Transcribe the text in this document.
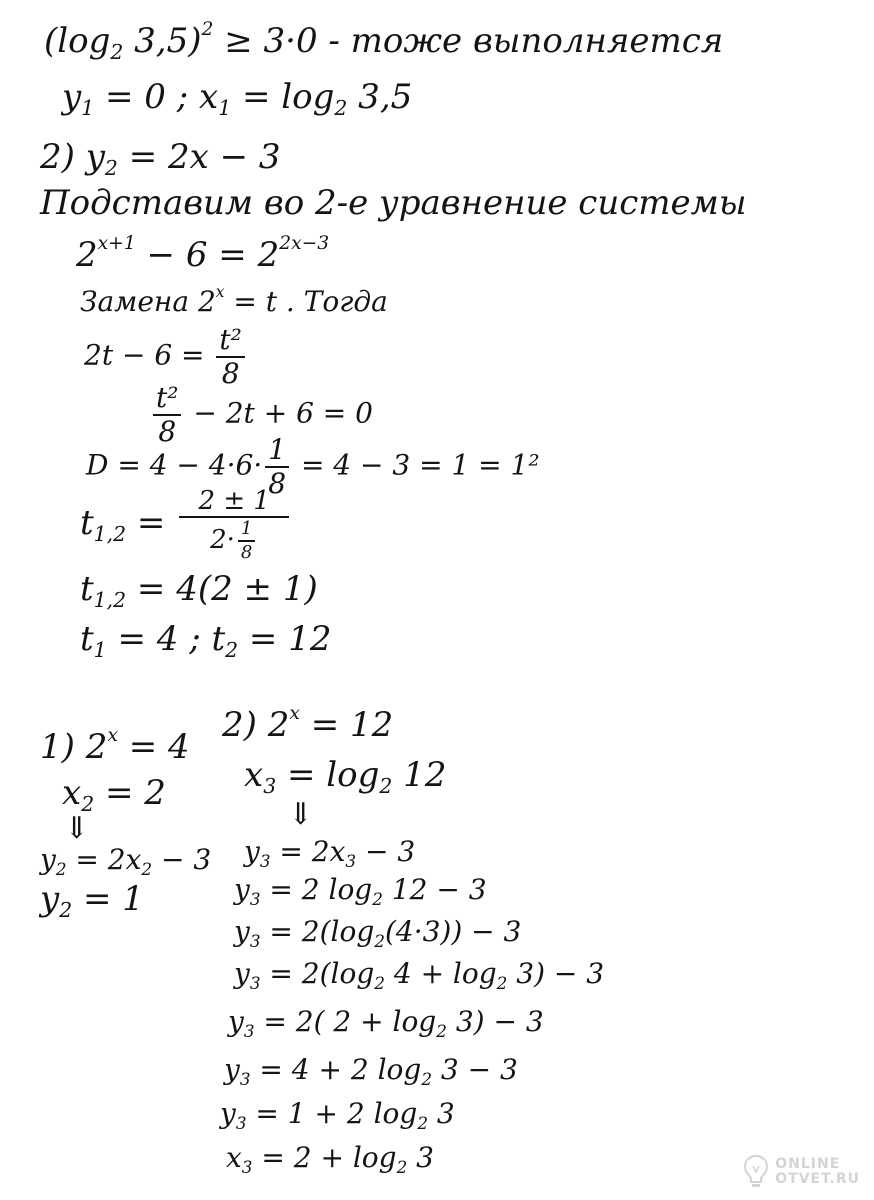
($\log_2$ 3,5)$^2$ ≥ 3·0 - тоже выполняется
$y_1 = 0$ ; $x_1 = \log_2 3,5$
2) $y_2 = 2x - 3$
Подставим во 2-е уравнение системы
$2^{x+1} - 6 = 2^{2x-3}$
Замена $2^x = t$ . Тогда
$2t - 6 = \frac{\text{t²}}{8}$
$\frac{\text{t²}}{8} - 2t + 6 = 0$
$D = 4 - 4\cdot 6\cdot \frac{1}{8} = 4 - 3 = 1 = 1^2$
$t_{1,2} = \frac{2 \pm 1}{2\cdot \frac{1}{8}}$
$t_{1,2} = 4(2 \pm 1)$
$t_1 = 4$ ; $t_2 = 12$
1) $2^x = 4$
$x_2 = 2$
⇓
$y_2 = 2x_2 - 3$
$y_2 = 1$
2) $2^x = 12$
$x_3 = \log_2 12$
⇓
$y_3 = 2x_3 - 3$
$y_3 = 2$ $\log_2 12 - 3$
$y_3 = 2(\log_2(4\cdot 3)) - 3$
$y_3 = 2(\log_2$ $4 + \log_2 3) - 3$
$y_3 = 2$( $2 + \log_2 3) - 3$
$y_3 = 4 + 2$ $\log_2 3 - 3$
$y_3 = 1 + 2$ $\log_2 3$
$x_3 = 2 + \log_2 3$	ONLINE
OTVET.RU
